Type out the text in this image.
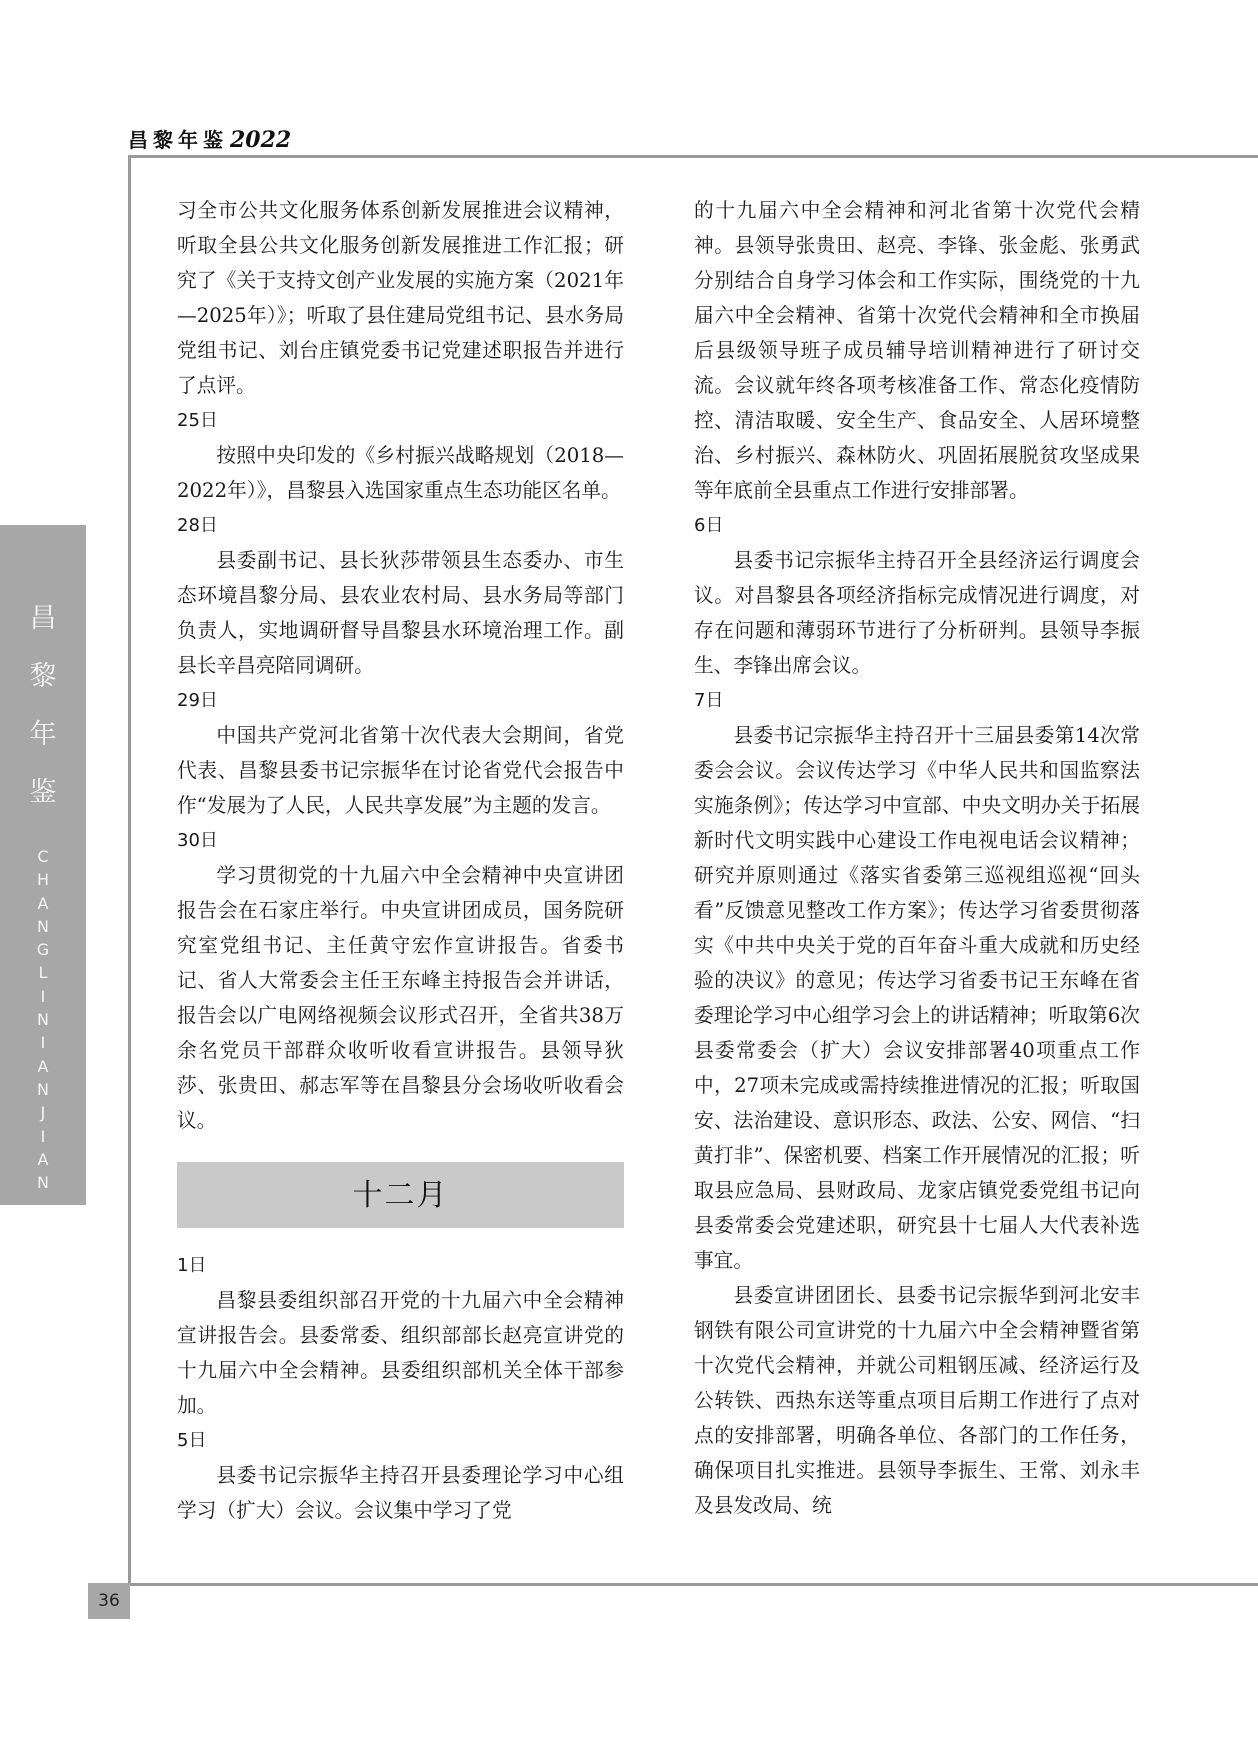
昌黎年鉴2022
昌
黎
年
鉴
C
H
A
N
G
L
I
N
I
A
N
J
I
A
N
36

习全市公共文化服务体系创新发展推进会议精神，听取全县公共文化服务创新发展推进工作汇报；研究了《关于支持文创产业发展的实施方案（2021年—2025年）》；听取了县住建局党组书记、县水务局党组书记、刘台庄镇党委书记党建述职报告并进行了点评。

25日

按照中央印发的《乡村振兴战略规划（2018—2022年）》，昌黎县入选国家重点生态功能区名单。

28日

县委副书记、县长狄莎带领县生态委办、市生态环境昌黎分局、县农业农村局、县水务局等部门负责人，实地调研督导昌黎县水环境治理工作。副县长辛昌亮陪同调研。

29日

中国共产党河北省第十次代表大会期间，省党代表、昌黎县委书记宗振华在讨论省党代会报告中作“发展为了人民，人民共享发展”为主题的发言。

30日

学习贯彻党的十九届六中全会精神中央宣讲团报告会在石家庄举行。中央宣讲团成员，国务院研究室党组书记、主任黄守宏作宣讲报告。省委书记、省人大常委会主任王东峰主持报告会并讲话，报告会以广电网络视频会议形式召开，全省共38万余名党员干部群众收听收看宣讲报告。县领导狄莎、张贵田、郝志军等在昌黎县分会场收听收看会议。

十二月
1日

昌黎县委组织部召开党的十九届六中全会精神宣讲报告会。县委常委、组织部部长赵亮宣讲党的十九届六中全会精神。县委组织部机关全体干部参加。

5日

县委书记宗振华主持召开县委理论学习中心组学习（扩大）会议。会议集中学习了党

的十九届六中全会精神和河北省第十次党代会精神。县领导张贵田、赵亮、李锋、张金彪、张勇武分别结合自身学习体会和工作实际，围绕党的十九届六中全会精神、省第十次党代会精神和全市换届后县级领导班子成员辅导培训精神进行了研讨交流。会议就年终各项考核准备工作、常态化疫情防控、清洁取暖、安全生产、食品安全、人居环境整治、乡村振兴、森林防火、巩固拓展脱贫攻坚成果等年底前全县重点工作进行安排部署。

6日

县委书记宗振华主持召开全县经济运行调度会议。对昌黎县各项经济指标完成情况进行调度，对存在问题和薄弱环节进行了分析研判。县领导李振生、李锋出席会议。

7日

县委书记宗振华主持召开十三届县委第14次常委会会议。会议传达学习《中华人民共和国监察法实施条例》；传达学习中宣部、中央文明办关于拓展新时代文明实践中心建设工作电视电话会议精神；研究并原则通过《落实省委第三巡视组巡视“回头看”反馈意见整改工作方案》；传达学习省委贯彻落实《中共中央关于党的百年奋斗重大成就和历史经验的决议》的意见；传达学习省委书记王东峰在省委理论学习中心组学习会上的讲话精神；听取第6次县委常委会（扩大）会议安排部署40项重点工作中，27项未完成或需持续推进情况的汇报；听取国安、法治建设、意识形态、政法、公安、网信、“扫黄打非”、保密机要、档案工作开展情况的汇报；听取县应急局、县财政局、龙家店镇党委党组书记向县委常委会党建述职，研究县十七届人大代表补选事宜。

县委宣讲团团长、县委书记宗振华到河北安丰钢铁有限公司宣讲党的十九届六中全会精神暨省第十次党代会精神，并就公司粗钢压减、经济运行及公转铁、西热东送等重点项目后期工作进行了点对点的安排部署，明确各单位、各部门的工作任务，确保项目扎实推进。县领导李振生、王常、刘永丰及县发改局、统
